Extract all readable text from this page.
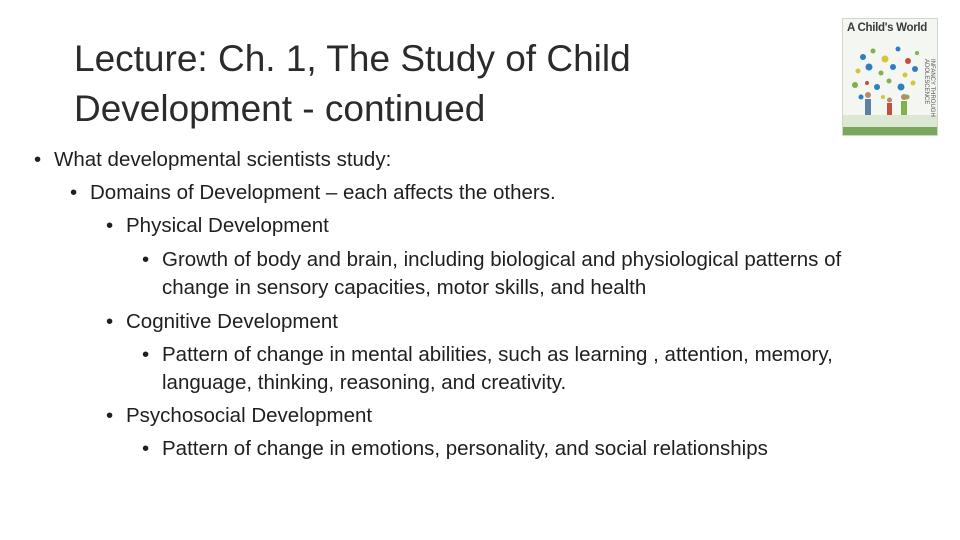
Lecture: Ch. 1, The Study of Child
Development - continued
A Child's World
INFANCY THROUGH ADOLESCENCE
• What developmental scientists study:
• Domains of Development – each affects the others.
• Physical Development
• Growth of body and brain, including biological and physiological patterns of change in sensory capacities, motor skills, and health
• Cognitive Development
• Pattern of change in mental abilities, such as learning , attention, memory, language, thinking, reasoning, and creativity.
• Psychosocial Development
• Pattern of change in emotions, personality, and social relationships
